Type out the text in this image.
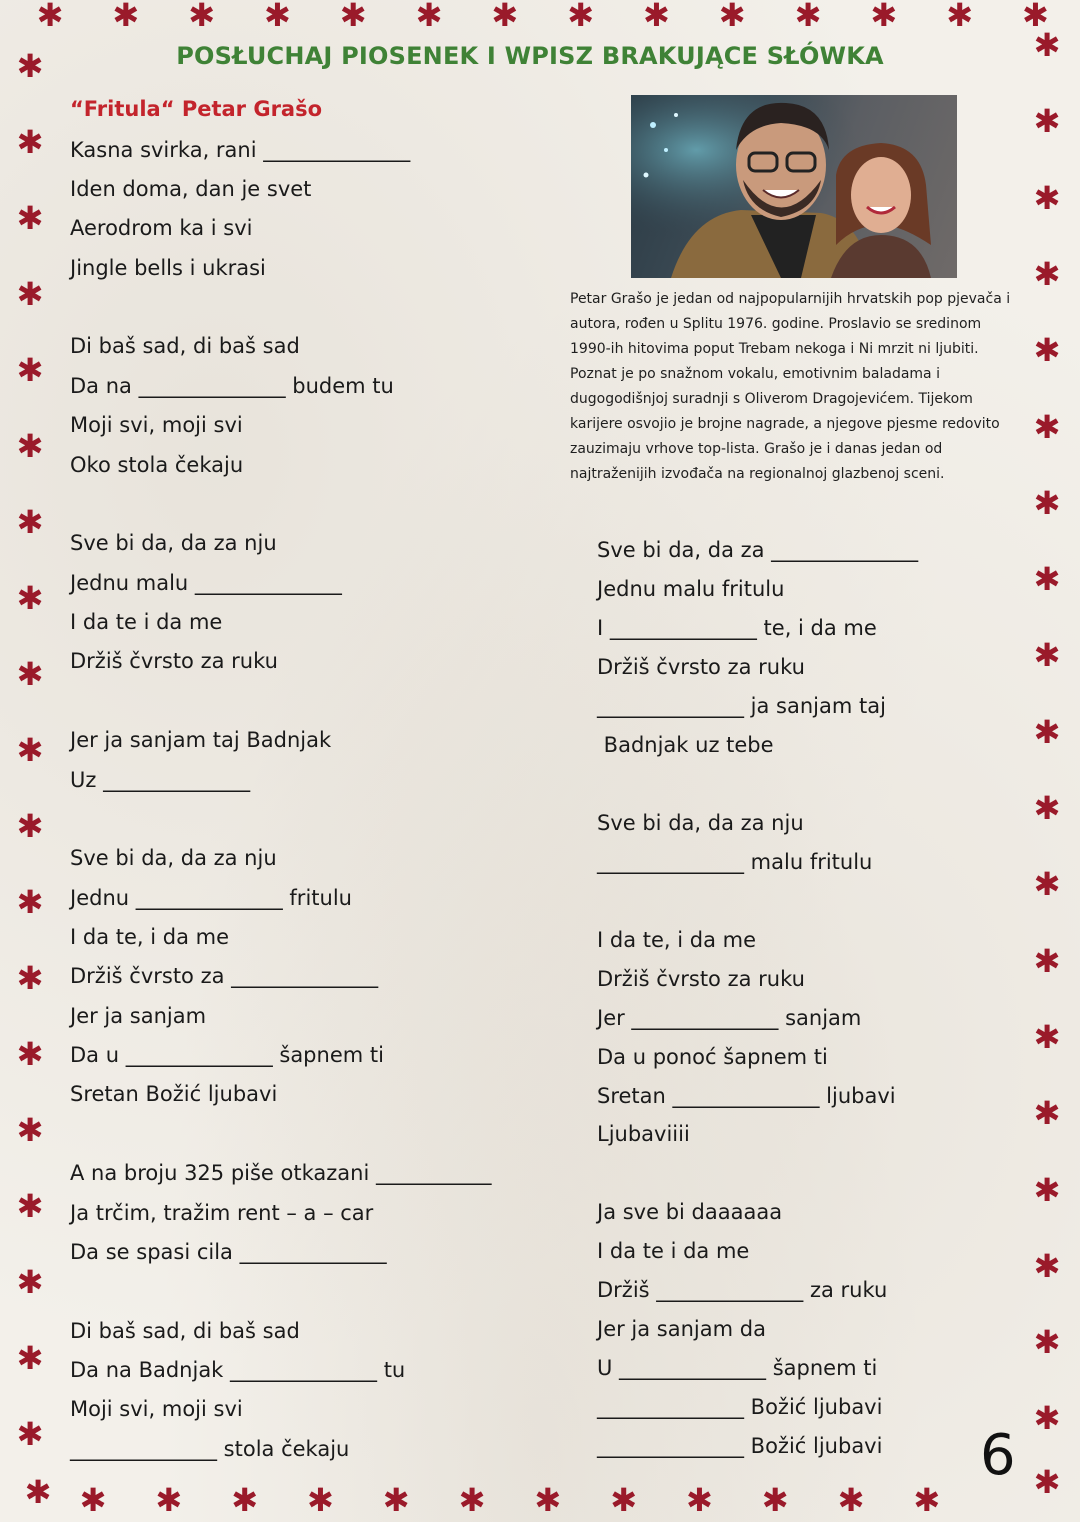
✱ ✱ ✱ ✱ ✱ ✱ ✱ ✱ ✱ ✱ ✱ ✱ ✱ ✱
✱ ✱ ✱ ✱ ✱ ✱ ✱ ✱ ✱ ✱ ✱ ✱ ✱	✱
✱
✱
✱
✱
✱
✱
✱
✱
✱
✱
✱
✱
✱
✱
✱
✱
✱
✱
✱
✱
✱
✱
✱
✱
✱
✱
✱
✱
✱
✱
✱
✱
✱
✱
✱
✱
✱
✱
POSŁUCHAJ PIOSENEK I WPISZ BRAKUJĄCE SŁÓWKA
“Fritula“ Petar Grašo
Kasna svirka, rani ______________
Iden doma, dan je svet
Aerodrom ka i svi
Jingle bells i ukrasi
Di baš sad, di baš sad
Da na ______________ budem tu
Moji svi, moji svi
Oko stola čekaju
Sve bi da, da za nju
Jednu malu ______________
I da te i da me
Držiš čvrsto za ruku
Jer ja sanjam taj Badnjak
Uz ______________
Sve bi da, da za nju
Jednu ______________ fritulu
I da te, i da me
Držiš čvrsto za ______________
Jer ja sanjam
Da u ______________ šapnem ti
Sretan Božić ljubavi
A na broju 325 piše otkazani ___________
Ja trčim, tražim rent – a – car
Da se spasi cila ______________
Di baš sad, di baš sad
Da na Badnjak ______________ tu
Moji svi, moji svi
______________ stola čekaju
Petar Grašo je jedan od najpopularnijih hrvatskih pop pjevača i autora, rođen u Splitu 1976. godine. Proslavio se sredinom 1990-ih hitovima poput Trebam nekoga i Ni mrzit ni ljubiti. Poznat je po snažnom vokalu, emotivnim baladama i dugogodišnjoj suradnji s Oliverom Dragojevićem. Tijekom karijere osvojio je brojne nagrade, a njegove pjesme redovito zauzimaju vrhove top-lista. Grašo je i danas jedan od najtraženijih izvođača na regionalnoj glazbenoj sceni.
Sve bi da, da za ______________
Jednu malu fritulu
I ______________ te, i da me
Držiš čvrsto za ruku
______________ ja sanjam taj
Badnjak uz tebe
Sve bi da, da za nju
______________ malu fritulu
I da te, i da me
Držiš čvrsto za ruku
Jer ______________ sanjam
Da u ponoć šapnem ti
Sretan ______________ ljubavi
Ljubaviiii
Ja sve bi daaaaaa
I da te i da me
Držiš ______________ za ruku
Jer ja sanjam da
U ______________ šapnem ti
______________ Božić ljubavi
______________ Božić ljubavi 6
